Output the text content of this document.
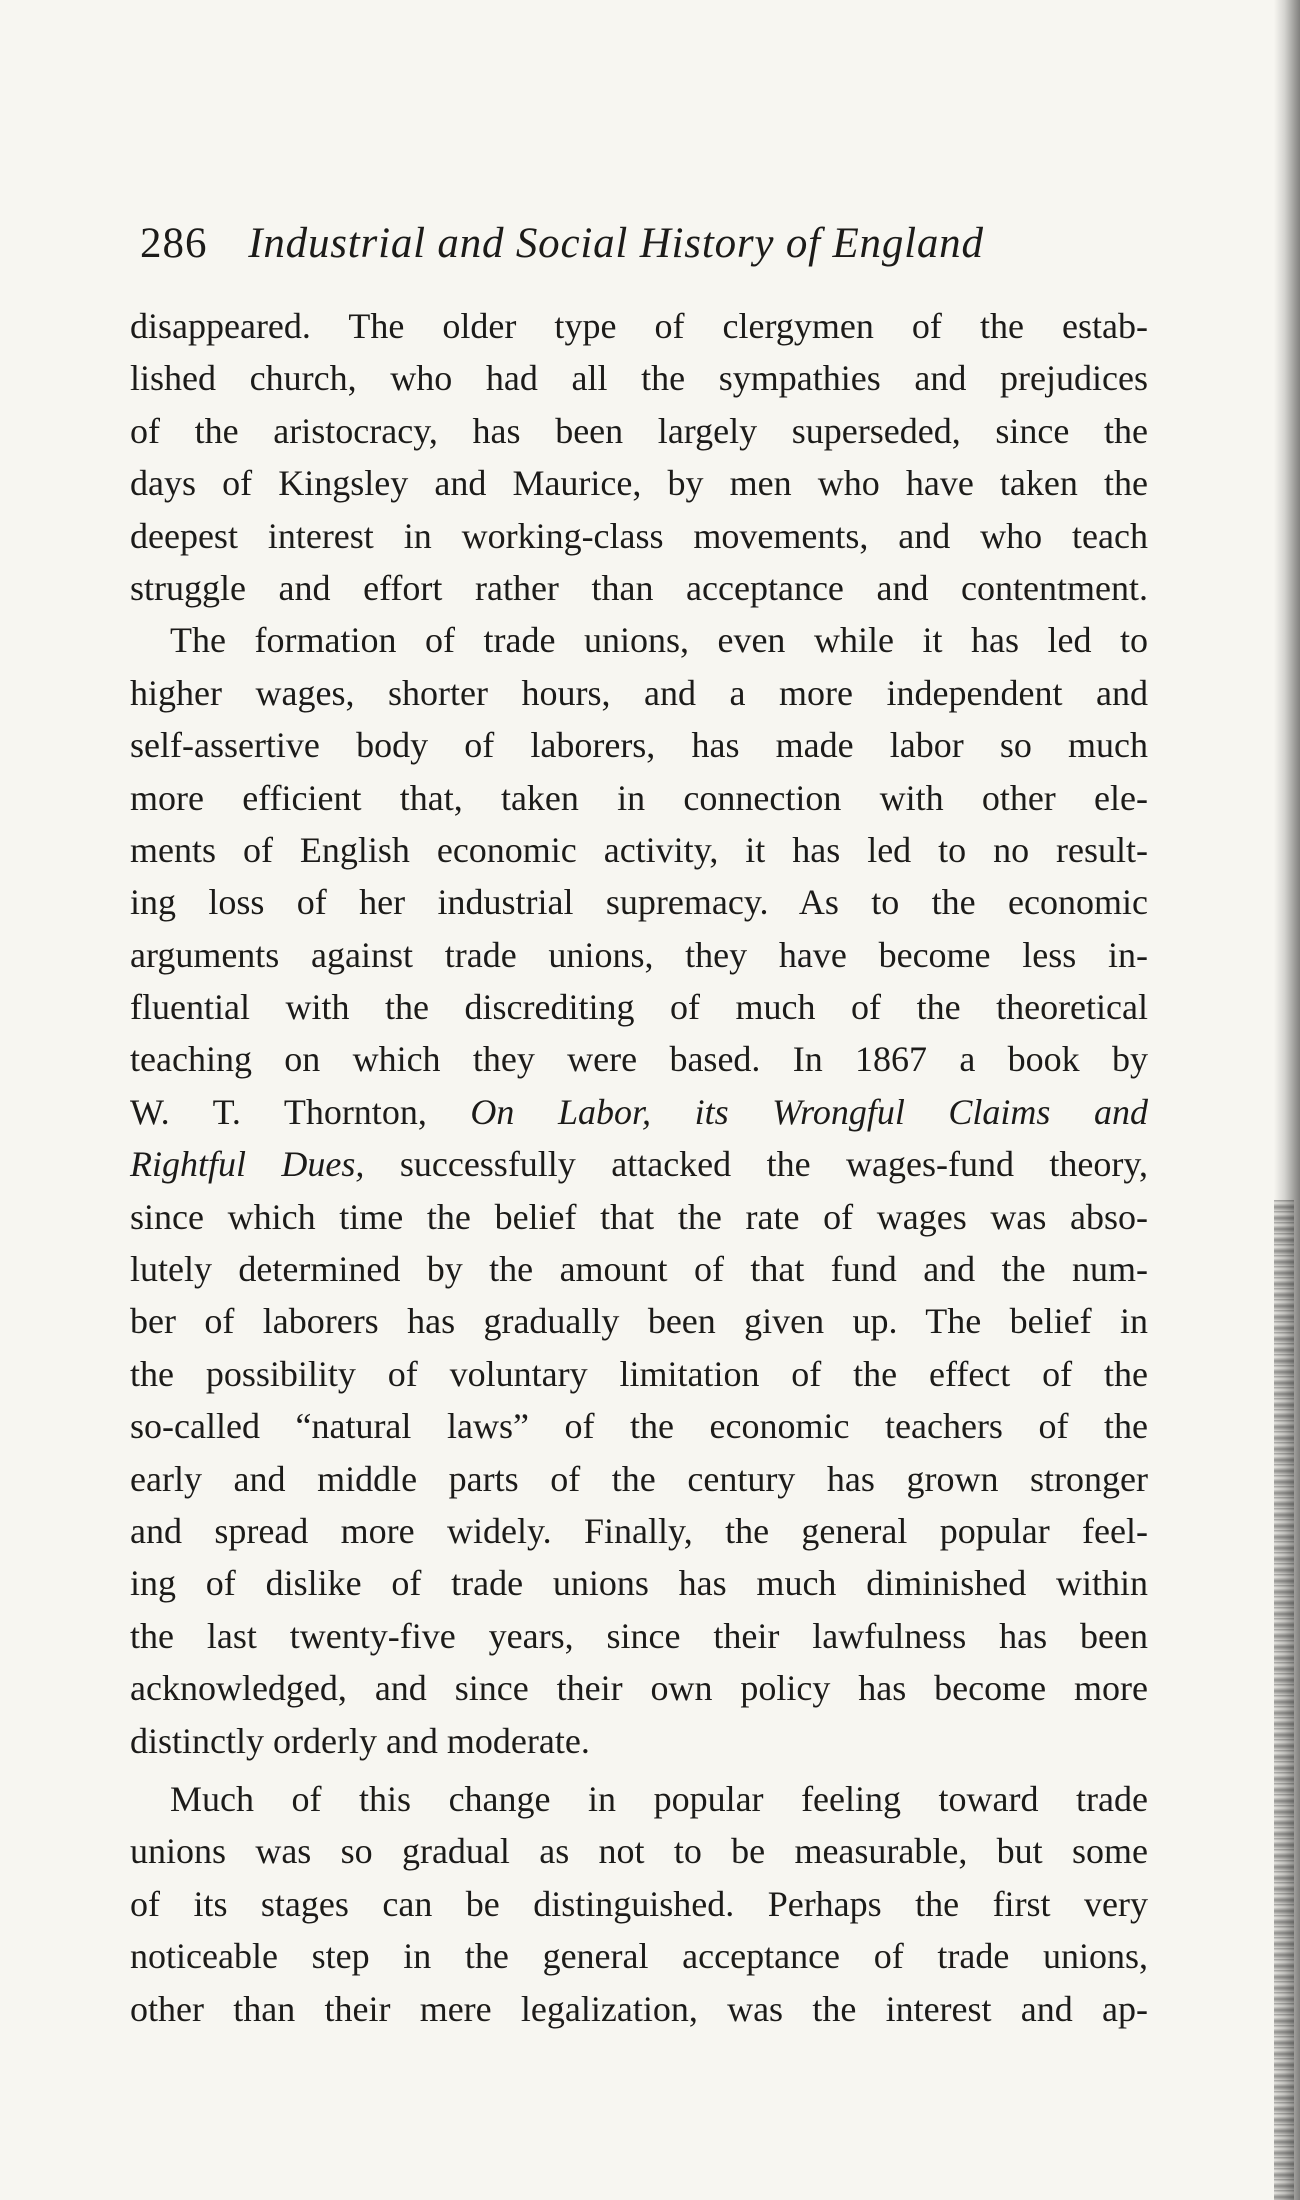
286 Industrial and Social History of England
disappeared. The older type of clergymen of the estab-
lished church, who had all the sympathies and prejudices
of the aristocracy, has been largely superseded, since the
days of Kingsley and Maurice, by men who have taken the
deepest interest in working-class movements, and who teach
struggle and effort rather than acceptance and contentment.
The formation of trade unions, even while it has led to
higher wages, shorter hours, and a more independent and
self-assertive body of laborers, has made labor so much
more efficient that, taken in connection with other ele-
ments of English economic activity, it has led to no result-
ing loss of her industrial supremacy. As to the economic
arguments against trade unions, they have become less in-
fluential with the discrediting of much of the theoretical
teaching on which they were based. In 1867 a book by
W. T. Thornton, On Labor, its Wrongful Claims and
Rightful Dues, successfully attacked the wages-fund theory,
since which time the belief that the rate of wages was abso-
lutely determined by the amount of that fund and the num-
ber of laborers has gradually been given up. The belief in
the possibility of voluntary limitation of the effect of the
so-called “natural laws” of the economic teachers of the
early and middle parts of the century has grown stronger
and spread more widely. Finally, the general popular feel-
ing of dislike of trade unions has much diminished within
the last twenty-five years, since their lawfulness has been
acknowledged, and since their own policy has become more
distinctly orderly and moderate.
Much of this change in popular feeling toward trade
unions was so gradual as not to be measurable, but some
of its stages can be distinguished. Perhaps the first very
noticeable step in the general acceptance of trade unions,
other than their mere legalization, was the interest and ap-
